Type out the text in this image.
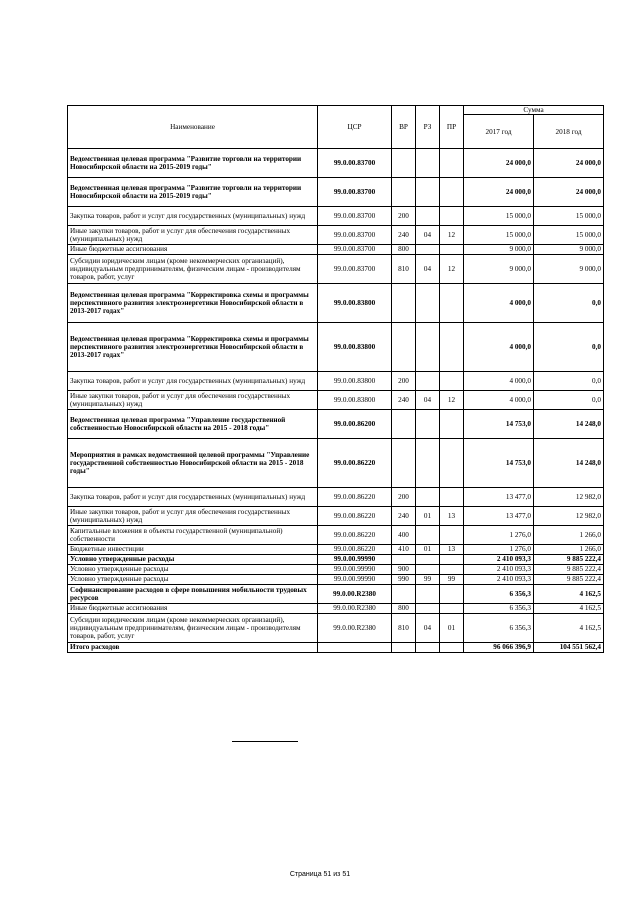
Наименование	ЦСР	ВР	РЗ	ПР	Сумма	
					2017 год	2018 год
Ведомственная целевая программа "Развитие торговли на территории Новосибирской области на 2015-2019 годы"	99.0.00.83700				24 000,0	24 000,0
Ведомственная целевая программа "Развитие торговли на территории Новосибирской области на 2015-2019 годы"	99.0.00.83700				24 000,0	24 000,0
Закупка товаров, работ и услуг для государственных (муниципальных) нужд	99.0.00.83700	200			15 000,0	15 000,0
Иные закупки товаров, работ и услуг для обеспечения государственных (муниципальных) нужд	99.0.00.83700	240	04	12	15 000,0	15 000,0
Иные бюджетные ассигнования	99.0.00.83700	800			9 000,0	9 000,0
Субсидии юридическим лицам (кроме некоммерческих организаций), индивидуальным предпринимателям, физическим лицам - производителям товаров, работ, услуг	99.0.00.83700	810	04	12	9 000,0	9 000,0
Ведомственная целевая программа "Корректировка схемы и программы перспективного развития электроэнергетики Новосибирской области в 2013-2017 годах"	99.0.00.83800				4 000,0	0,0
Ведомственная целевая программа "Корректировка схемы и программы перспективного развития электроэнергетики Новосибирской области в 2013-2017 годах"	99.0.00.83800				4 000,0	0,0
Закупка товаров, работ и услуг для государственных (муниципальных) нужд	99.0.00.83800	200			4 000,0	0,0
Иные закупки товаров, работ и услуг для обеспечения государственных (муниципальных) нужд	99.0.00.83800	240	04	12	4 000,0	0,0
Ведомственная целевая программа "Управление государственной собственностью Новосибирской области на 2015 - 2018 годы"	99.0.00.86200				14 753,0	14 248,0
Мероприятия в рамках ведомственной целевой программы "Управление государственной собственностью Новосибирской области на 2015 - 2018 годы"	99.0.00.86220				14 753,0	14 248,0
Закупка товаров, работ и услуг для государственных (муниципальных) нужд	99.0.00.86220	200			13 477,0	12 982,0
Иные закупки товаров, работ и услуг для обеспечения государственных (муниципальных) нужд	99.0.00.86220	240	01	13	13 477,0	12 982,0
Капитальные вложения в объекты государственной (муниципальной) собственности	99.0.00.86220	400			1 276,0	1 266,0
Бюджетные инвестиции	99.0.00.86220	410	01	13	1 276,0	1 266,0
Условно утвержденные расходы	99.0.00.99990				2 410 093,3	9 885 222,4
Условно утвержденные расходы	99.0.00.99990	900			2 410 093,3	9 885 222,4
Условно утвержденные расходы	99.0.00.99990	990	99	99	2 410 093,3	9 885 222,4
Софинансирование расходов в сфере повышения мобильности трудовых ресурсов	99.0.00.R2380				6 356,3	4 162,5
Иные бюджетные ассигнования	99.0.00.R2380	800			6 356,3	4 162,5
Субсидии юридическим лицам (кроме некоммерческих организаций), индивидуальным предпринимателям, физическим лицам - производителям товаров, работ, услуг	99.0.00.R2380	810	04	01	6 356,3	4 162,5
Итого расходов					96 066 396,9	104 551 562,4
Страница 51 из 51
